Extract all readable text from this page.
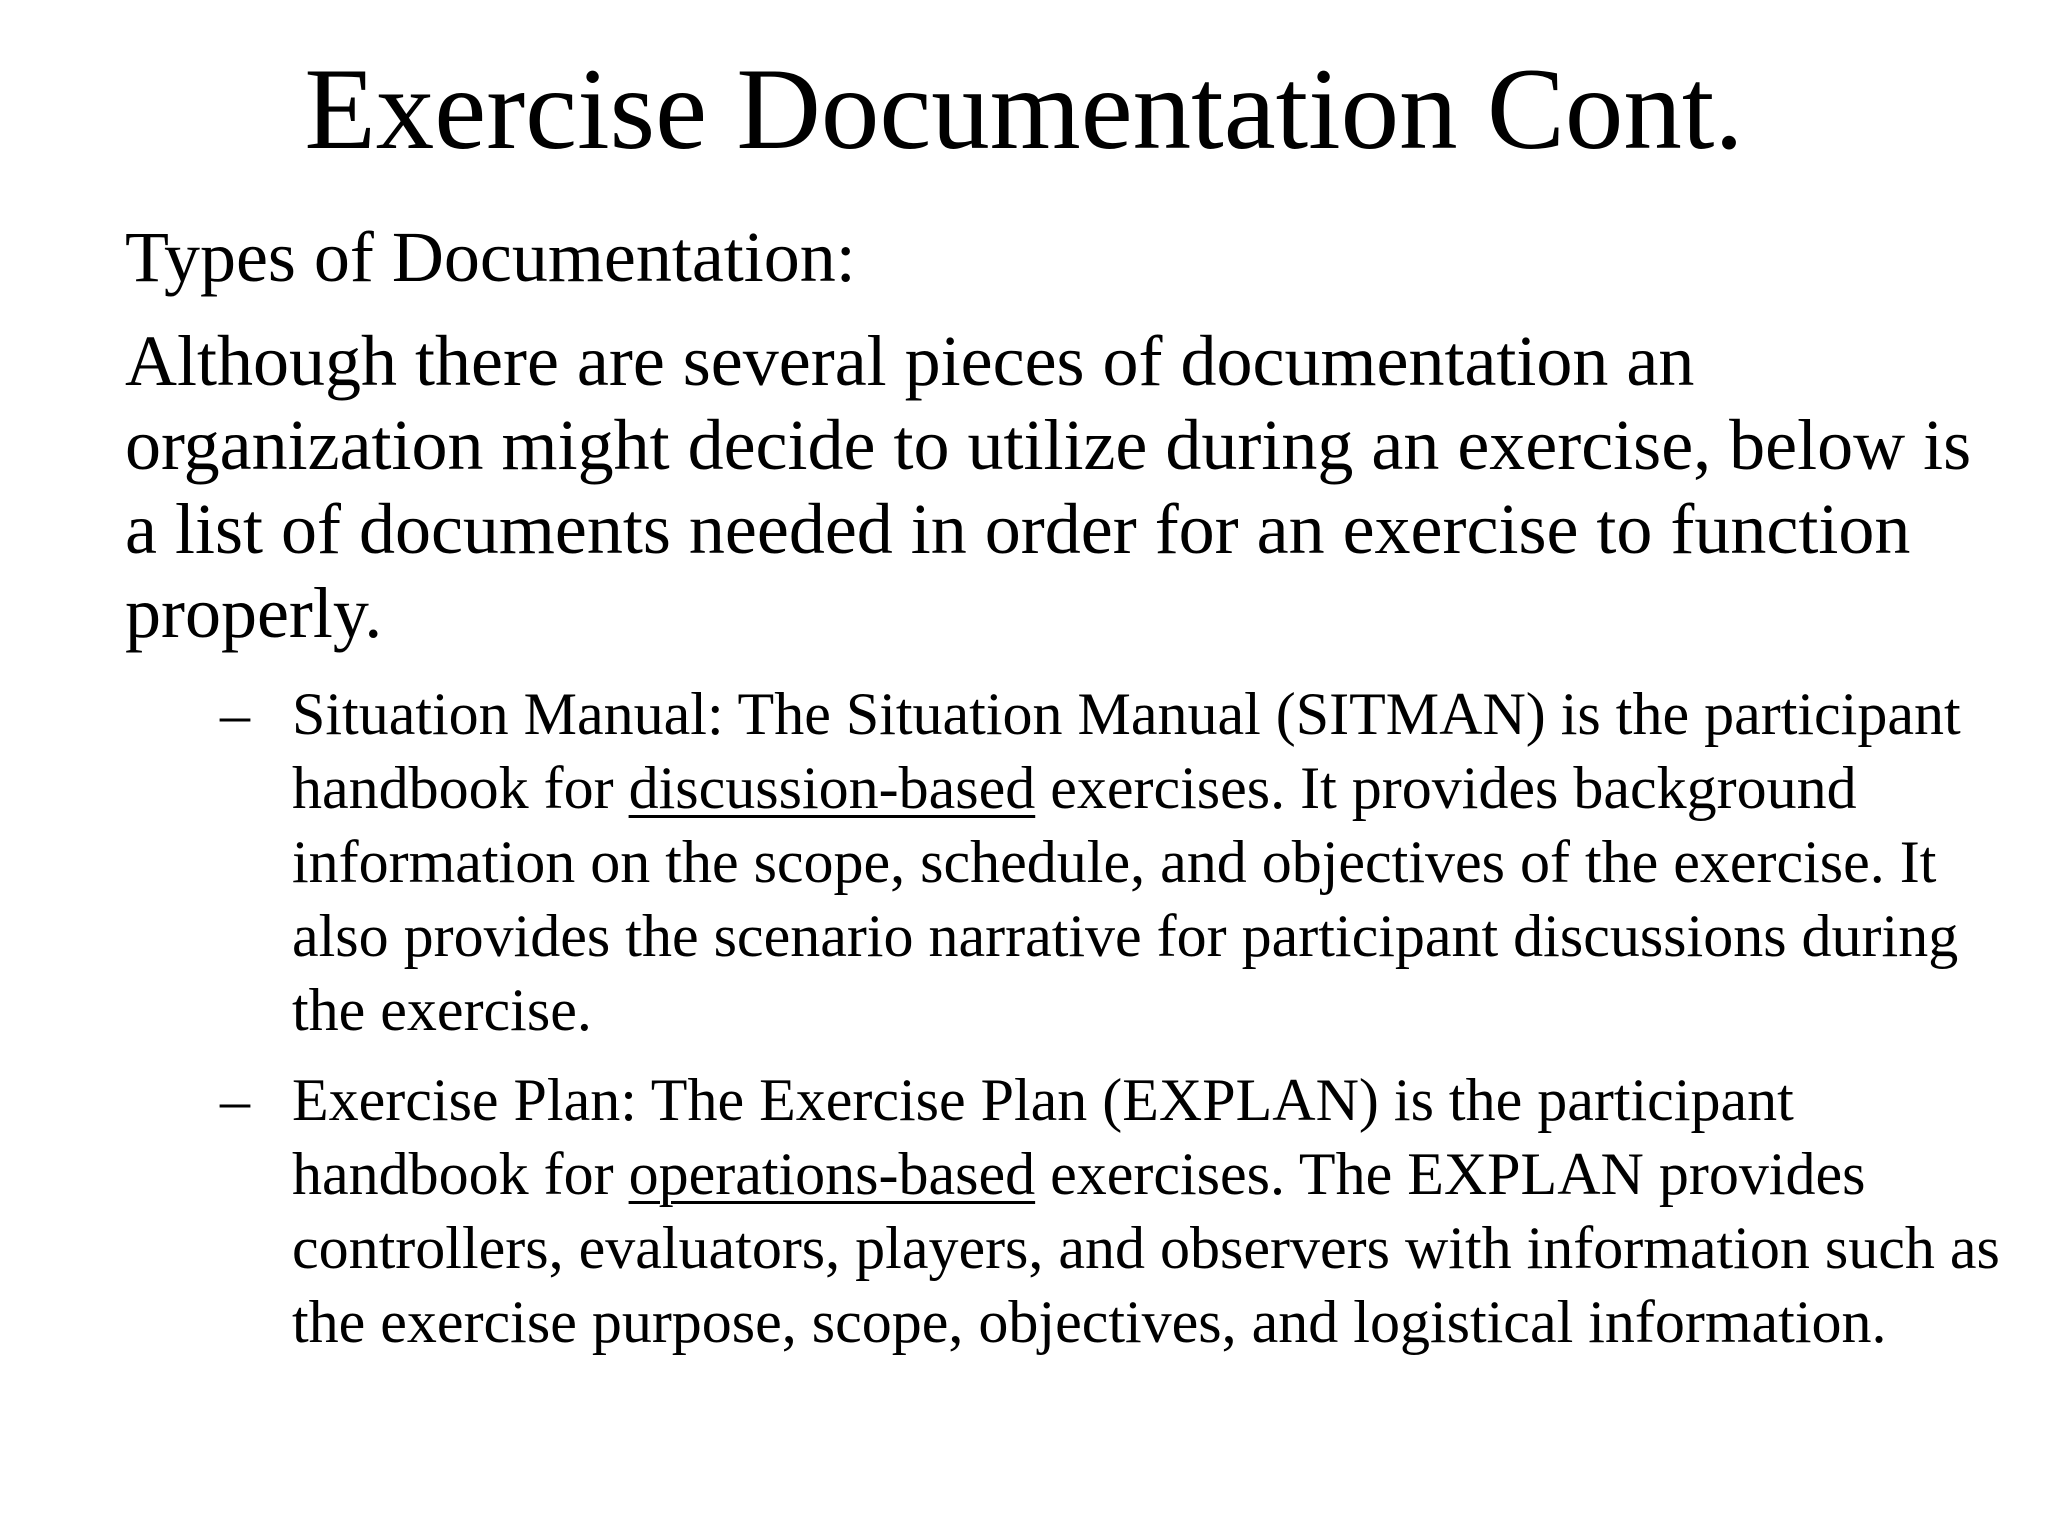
Exercise Documentation Cont.

Types of Documentation:

Although there are several pieces of documentation an organization might decide to utilize during an exercise, below is a list of documents needed in order for an exercise to function properly.

– Situation Manual: The Situation Manual (SITMAN) is the participant handbook for discussion-based exercises. It provides background information on the scope, schedule, and objectives of the exercise. It also provides the scenario narrative for participant discussions during the exercise.
– Exercise Plan: The Exercise Plan (EXPLAN) is the participant handbook for operations-based exercises. The EXPLAN provides controllers, evaluators, players, and observers with information such as the exercise purpose, scope, objectives, and logistical information.
